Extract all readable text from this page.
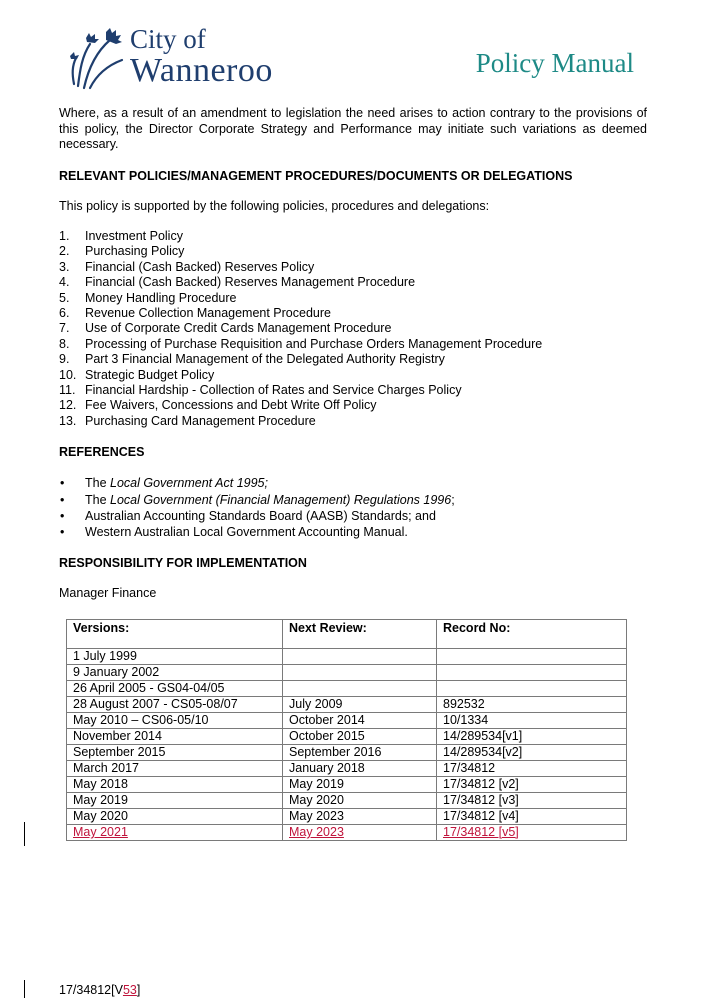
City of
Wanneroo	Policy Manual

Where, as a result of an amendment to legislation the need arises to action contrary to the provisions of this policy, the Director Corporate Strategy and Performance may initiate such variations as deemed necessary.

RELEVANT POLICIES/MANAGEMENT PROCEDURES/DOCUMENTS OR DELEGATIONS

This policy is supported by the following policies, procedures and delegations:

1. Investment Policy
2. Purchasing Policy
3. Financial (Cash Backed) Reserves Policy
4. Financial (Cash Backed) Reserves Management Procedure
5. Money Handling Procedure
6. Revenue Collection Management Procedure
7. Use of Corporate Credit Cards Management Procedure
8. Processing of Purchase Requisition and Purchase Orders Management Procedure
9. Part 3 Financial Management of the Delegated Authority Registry
10. Strategic Budget Policy
11. Financial Hardship - Collection of Rates and Service Charges Policy
12. Fee Waivers, Concessions and Debt Write Off Policy
13. Purchasing Card Management Procedure
REFERENCES
• The Local Government Act 1995;
• The Local Government (Financial Management) Regulations 1996;
• Australian Accounting Standards Board (AASB) Standards; and
• Western Australian Local Government Accounting Manual.
RESPONSIBILITY FOR IMPLEMENTATION

Manager Finance

Versions:	Next Review:	Record No:
1 July 1999		
9 January 2002		
26 April 2005 - GS04-04/05		
28 August 2007 - CS05-08/07	July 2009	892532
May 2010 – CS06-05/10	October 2014	10/1334
November 2014	October 2015	14/289534[v1]
September 2015	September 2016	14/289534[v2]
March 2017	January 2018	17/34812
May 2018	May 2019	17/34812 [v2]
May 2019	May 2020	17/34812 [v3]
May 2020	May 2023	17/34812 [v4]
May 2021	May 2023	17/34812 [v5]
17/34812[V53]
